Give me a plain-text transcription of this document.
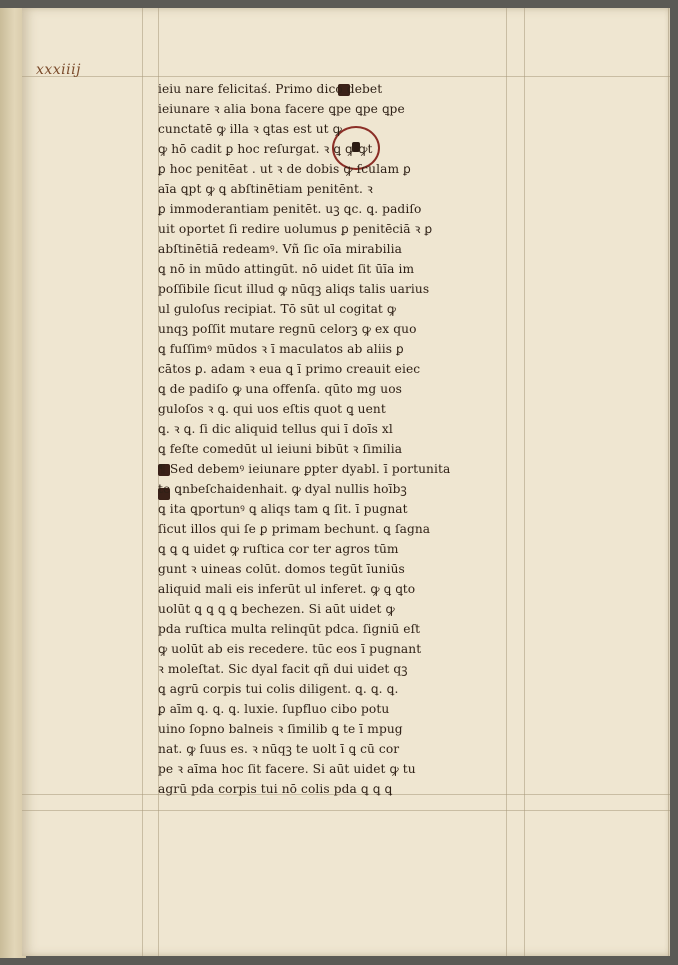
xxxiiij
ieiu nare felicitaś. Primo dico debet
ieiunare ꝛ alia bona facere ꝗpe ꝗpe ꝗpe
cunctatē ꝙ illa ꝛ ꝗtas est ut ꝙ
ꝙ hō cadit ꝑ hoc reſurgat. ꝛ ꝗ ꝙ ꝙt
ꝑ hoc penitēat . ut ꝛ de dobis ꝙ ſculam ꝑ
aīa ꝗpt ꝙ ꝗ abſtinētiam penitēnt. ꝛ
ꝑ immoderantiam penitēt. uꝫ ꝗc. ꝗ. padiſo
uit oportet ſi redire uolumus ꝑ penitēciā ꝛ ꝑ
abſtinētiā redeamꝰ. Vñ ſic oīa mirabilia
ꝗ nō in mūdo attingūt. nō uidet ſit ūīa im
poſſibile ſicut illud ꝙ nūqꝫ aliqs talis uarius
ul guloſus recipiat. Tō sūt ul cogitat ꝙ
unqꝫ poſſit mutare regnū celorꝫ ꝙ ex quo
ꝗ fuſſimꝰ mūdos ꝛ ī maculatos ab aliis ꝑ
cātos ꝑ. adam ꝛ eua ꝗ ī primo creauit eiec
ꝗ de padiſo ꝙ una offenſa. qūto mg uos
guloſos ꝛ ꝗ. qui uos eſtis quot ꝗ uent
ꝗ. ꝛ ꝗ. ſi dic aliquid tellus qui ī doīs xl
ꝗ feſte comedūt ul ieiuni bibūt ꝛ ſimilia
¶ Sed debemꝰ ieiunare ꝑpter dyabl. ī portunita
te ꝗnbeſchaidenhait. ꝙ dyal nullis hoībꝫ
ꝗ ita ꝗportunꝰ ꝗ aliqs tam ꝗ ſit. ī pugnat
ſicut illos qui ſe ꝑ primam bechunt. ꝗ ſagna
ꝗ ꝗ ꝗ uidet ꝙ ruſtica cor ter agros tūm
gunt ꝛ uineas colūt. domos tegūt īuniūs
aliquid mali eis inferūt ul inferet. ꝙ ꝗ ꝗto
uolūt ꝗ ꝗ ꝗ ꝗ bechezen. Si aūt uidet ꝙ
pda ruſtica multa relinqūt pdca. ſigniū eſt
ꝙ uolūt ab eis recedere. tūc eos ī pugnant
ꝛ moleſtat. Sic dyal facit qñ dui uidet qꝫ
ꝗ agrū corpis tui colis diligent. ꝗ. ꝗ. ꝗ.
ꝑ aīm ꝗ. ꝗ. ꝗ. luxie. ſupfluo cibo potu
uino ſopno balneis ꝛ ſimilib ꝗ te ī mpug
nat. ꝙ ſuus es. ꝛ nūqꝫ te uolt ī ꝗ cū cor
pe ꝛ aīma hoc ſit facere. Si aūt uidet ꝙ tu
agrū pda corpis tui nō colis pda ꝗ ꝗ ꝗ
